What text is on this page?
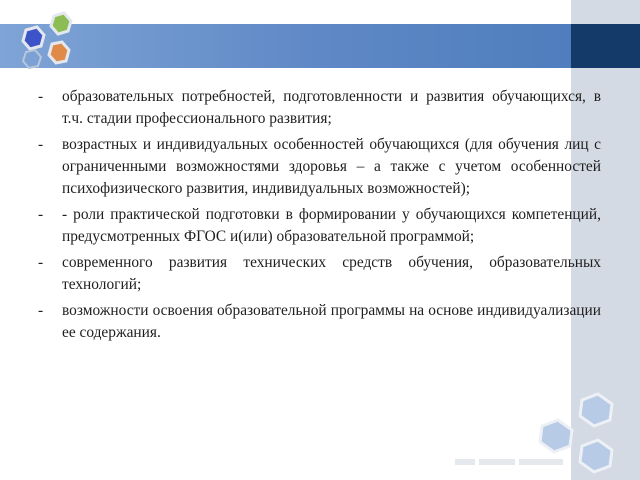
-	образовательных потребностей, подготовленности и развития обучающихся, в т.ч. стадии профессионального развития;
-	возрастных и индивидуальных особенностей обучающихся (для обучения лиц с ограниченными возможностями здоровья – а также с учетом особенностей психофизического развития, индивидуальных возможностей);
-	- роли практической подготовки в формировании у обучающихся компетенций, предусмотренных ФГОС и(или) образовательной программой;
-	современного развития технических средств обучения, образовательных технологий;
-	возможности освоения образовательной программы на основе индивидуализации ее содержания.
